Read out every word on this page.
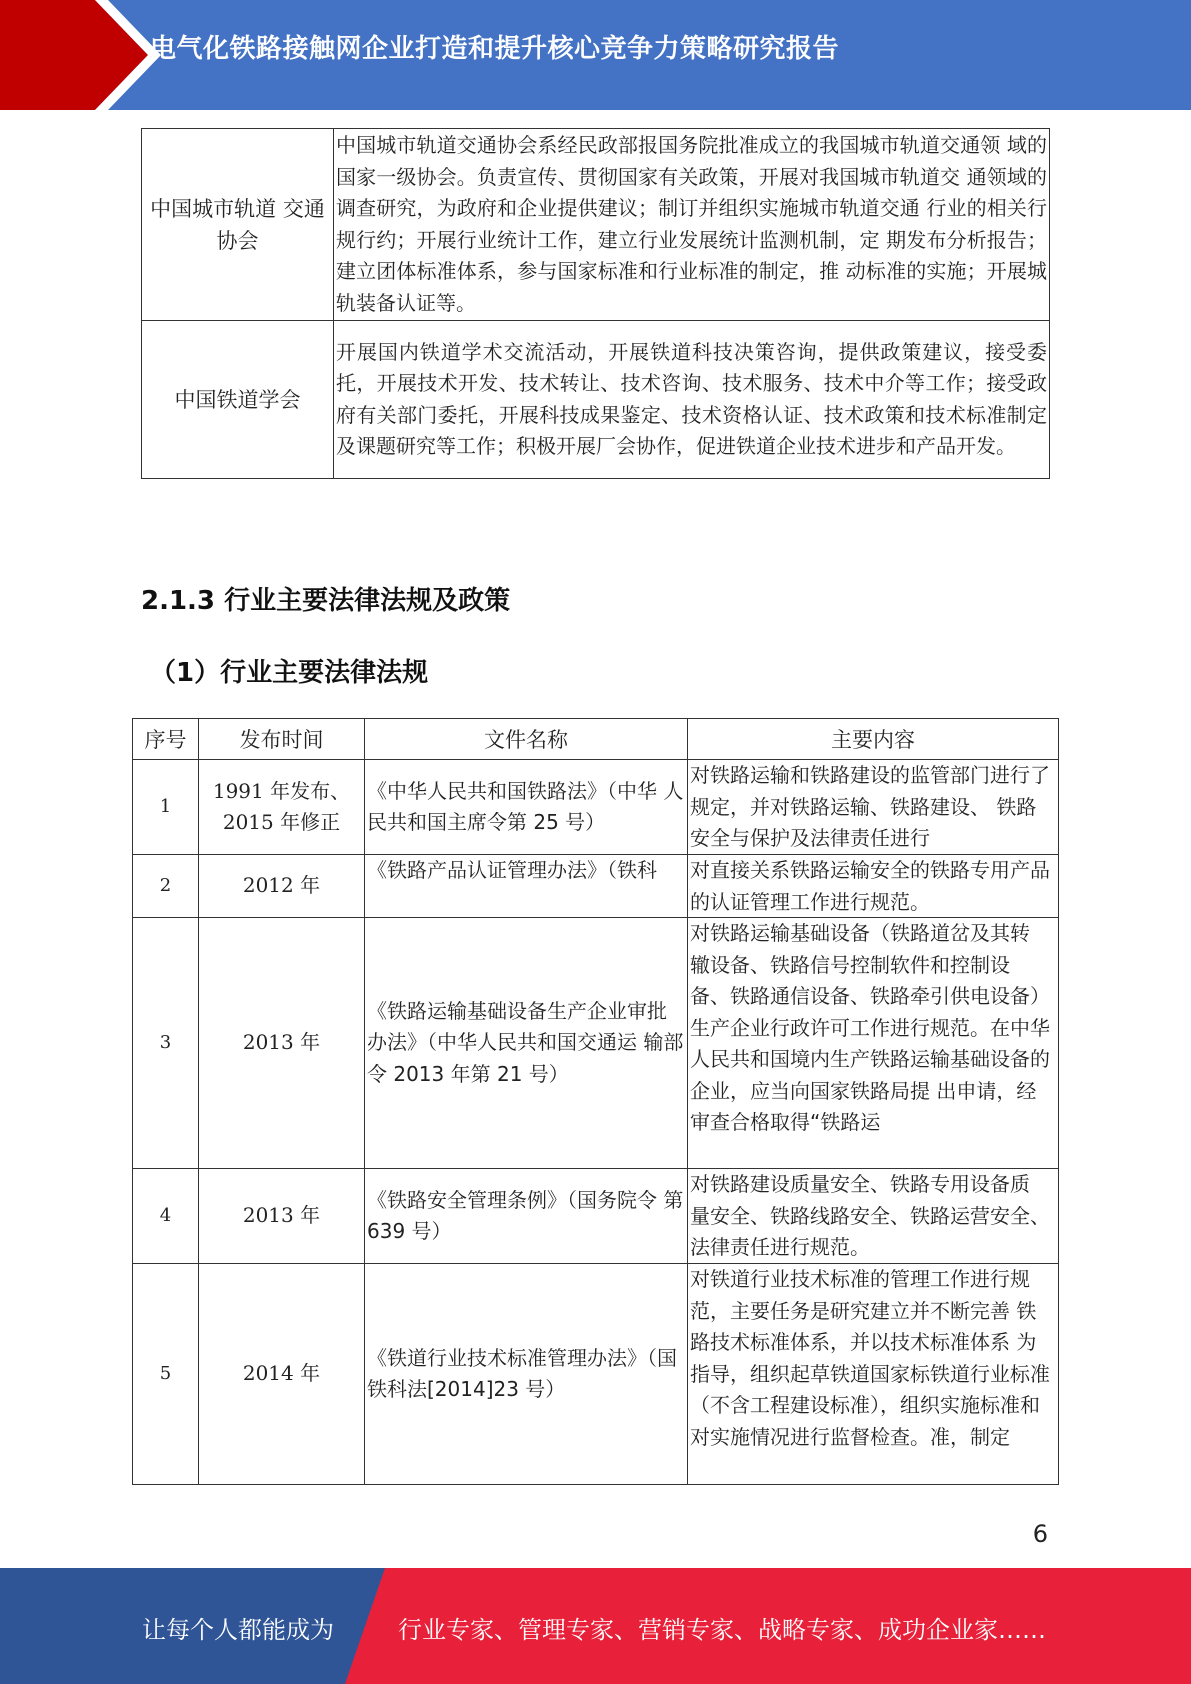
电气化铁路接触网企业打造和提升核心竞争力策略研究报告
中国城市轨道 交通协会	中国城市轨道交通协会系经民政部报国务院批准成立的我国城市轨道交通领 域的国家一级协会。负责宣传、贯彻国家有关政策，开展对我国城市轨道交 通领域的调查研究，为政府和企业提供建议；制订并组织实施城市轨道交通 行业的相关行规行约；开展行业统计工作，建立行业发展统计监测机制，定 期发布分析报告；建立团体标准体系，参与国家标准和行业标准的制定，推 动标准的实施；开展城轨装备认证等。
中国铁道学会	开展国内铁道学术交流活动，开展铁道科技决策咨询，提供政策建议，接受委托，开展技术开发、技术转让、技术咨询、技术服务、技术中介等工作；接受政府有关部门委托，开展科技成果鉴定、技术资格认证、技术政策和技术标准制定及课题研究等工作；积极开展厂会协作，促进铁道企业技术进步和产品开发。
2.1.3 行业主要法律法规及政策
（1）行业主要法律法规
序号	发布时间	文件名称	主要内容
1	1991 年发布、2015 年修正	《中华人民共和国铁路法》（中华 人民共和国主席令第 25 号）	对铁路运输和铁路建设的监管部门进行了规定，并对铁路运输、铁路建设、 铁路安全与保护及法律责任进行

2	2012 年	《铁路产品认证管理办法》（铁科	对直接关系铁路运输安全的铁路专用产品的认证管理工作进行规范。

3	2013 年	《铁路运输基础设备生产企业审批办法》（中华人民共和国交通运 输部令 2013 年第 21 号）	对铁路运输基础设备（铁路道岔及其转 辙设备、铁路信号控制软件和控制设 备、铁路通信设备、铁路牵引供电设备） 生产企业行政许可工作进行规范。在中华人民共和国境内生产铁路运输基础设备的企业，应当向国家铁路局提 出申请，经审查合格取得“铁路运

4	2013 年	《铁路安全管理条例》（国务院令 第 639 号）	对铁路建设质量安全、铁路专用设备质 量安全、铁路线路安全、铁路运营安全、 法律责任进行规范。

5	2014 年	《铁道行业技术标准管理办法》（国铁科法[2014]23 号）	对铁道行业技术标准的管理工作进行规范，主要任务是研究建立并不断完善 铁路技术标准体系，并以技术标准体系 为指导，组织起草铁道国家标铁道行业标准（不含工程建设标准），组织实施标准和对实施情况进行监督检查。准，制定
6
让每个人都能成为	行业专家、管理专家、营销专家、战略专家、成功企业家……
